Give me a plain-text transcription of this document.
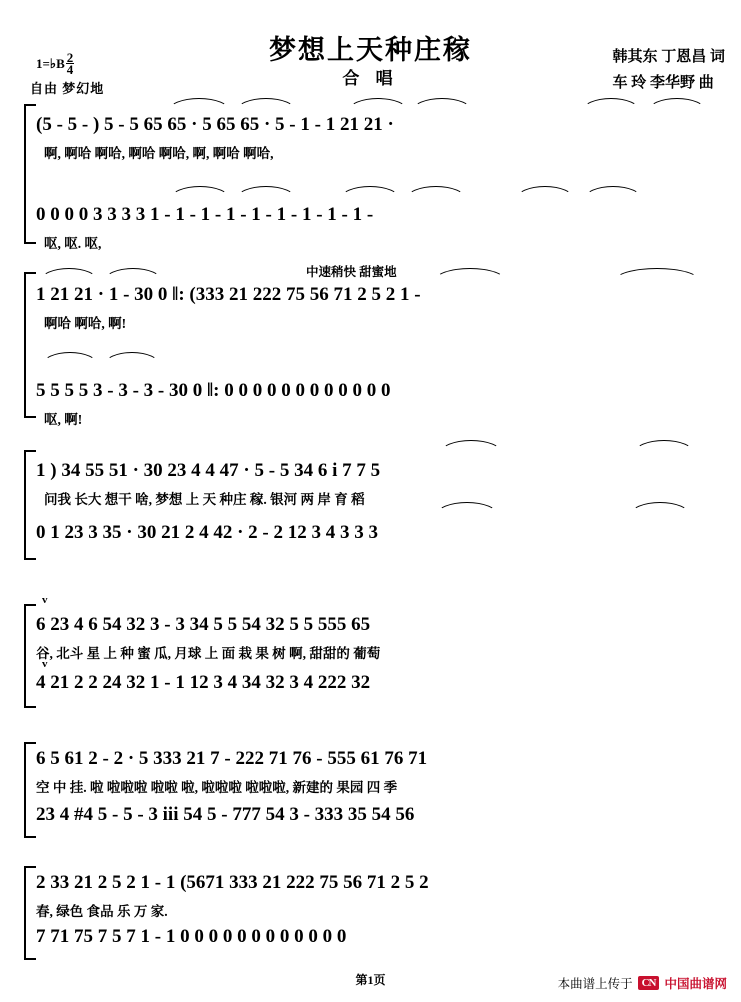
梦想上天种庄稼
合 唱
1= ♭ B $\frac{2}{4}$
自由 梦幻地
韩其东 丁恩昌 词
车 玲 李华野 曲
(5 - 5 - ) 5 - 5 65 65 · 5 65 65 · 5 - 1 - 1 21 21 ·
啊, 啊哈 啊哈, 啊哈 啊哈, 啊, 啊哈 啊哈,
0 0 0 0 3 3 3 3 1 - 1 - 1 - 1 - 1 - 1 - 1 - 1 - 1 -
呕, 呕. 呕,
中速稍快 甜蜜地
1 21 21 · 1 - 30 0 ‖: (333 21 222 75 56 71 2 5 2 1 -
啊哈 啊哈, 啊!
5 5 5 5 3 - 3 - 3 - 30 0 ‖: 0 0 0 0 0 0 0 0 0 0 0 0
呕, 啊!
1 ) 34 55 51 · 30 23 4 4 47 · 5 - 5 34 6 i 7 7 5
问我 长大 想干 啥, 梦想 上 天 种庄 稼. 银河 两 岸 育 稻
0 1 23 3 35 · 30 21 2 4 42 · 2 - 2 12 3 4 3 3 3
v
6 23 4 6 54 32 3 - 3 34 5 5 54 32 5 5 555 65
谷, 北斗 星 上 种 蜜 瓜, 月球 上 面 栽 果 树 啊, 甜甜的 葡萄
v
4 21 2 2 24 32 1 - 1 12 3 4 34 32 3 4 222 32
6 5 61 2 - 2 · 5 333 21 7 - 222 71 76 - 555 61 76 71
空 中 挂. 啦 啦啦啦 啦啦 啦, 啦啦啦 啦啦啦, 新建的 果园 四 季
23 4 #4 5 - 5 - 3 iii 54 5 - 777 54 3 - 333 35 54 56
2 33 21 2 5 2 1 - 1 (5671 333 21 222 75 56 71 2 5 2
春, 绿色 食品 乐 万 家.
7 71 75 7 5 7 1 - 1 0 0 0 0 0 0 0 0 0 0 0 0
第1页	本曲谱上传于 CN 中国曲谱网
